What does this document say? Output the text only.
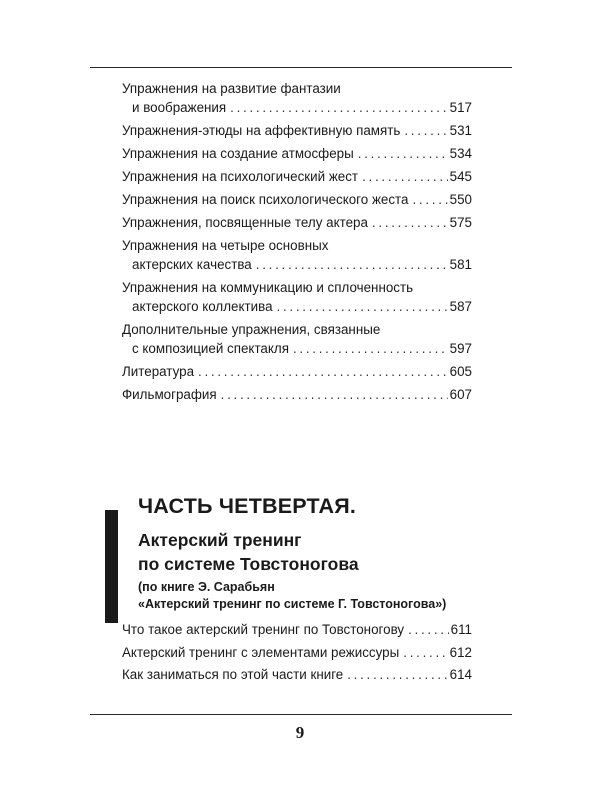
Упражнения на развитие фантазии
и воображения . . .	517
Упражнения-этюды на аффективную память . . .	531
Упражнения на создание атмосферы . . .	534
Упражнения на психологический жест . . .	545
Упражнения на поиск психологического жеста . . .	550
Упражнения, посвященные телу актера . . .	575
Упражнения на четыре основных
актерских качества . . .	581
Упражнения на коммуникацию и сплоченность
актерского коллектива . . .	587
Дополнительные упражнения, связанные
с композицией спектакля . . .	597
Литература . . .	605
Фильмография . . .	607
ЧАСТЬ ЧЕТВЕРТАЯ.
Актерский тренинг
по системе Товстоногова
(по книге Э. Сарабьян
«Актерский тренинг по системе Г. Товстоногова»)
Что такое актерский тренинг по Товстоногову . . .	611
Актерский тренинг с элементами режиссуры . . .	612
Как заниматься по этой части книге . . .	614
9
